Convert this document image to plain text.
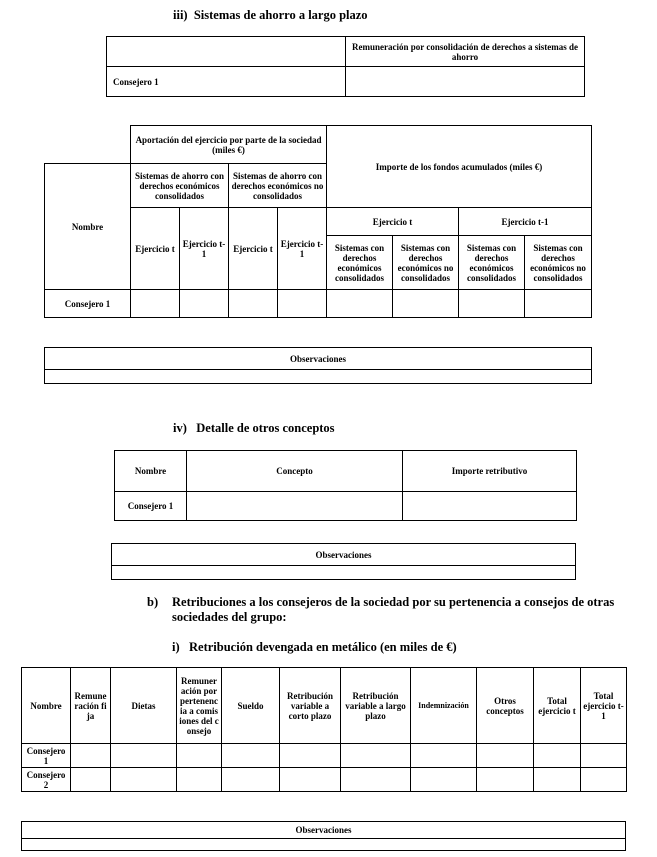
iii) Sistemas de ahorro a largo plazo
	Remuneración por consolidación de derechos a sistemas de ahorro
Consejero 1	
	Aportación del ejercicio por parte de la sociedad (miles €)				Importe de los fondos acumulados (miles €)			
Nombre	Sistemas de ahorro con derechos económicos consolidados		Sistemas de ahorro con derechos económicos no consolidados					
	Ejercicio t	Ejercicio t-1	Ejercicio t	Ejercicio t-1	Ejercicio t		Ejercicio t-1	
					Sistemas con derechos económicos consolidados	Sistemas con derechos económicos no consolidados	Sistemas con derechos económicos consolidados	Sistemas con derechos económicos no consolidados
Consejero 1								
Observaciones
iv) Detalle de otros conceptos
Nombre	Concepto	Importe retributivo
Consejero 1		
Observaciones
b) Retribuciones a los consejeros de la sociedad por su pertenencia a consejos de otras sociedades del grupo:
i) Retribución devengada en metálico (en miles de €)
Nombre	Remuneración fija	Dietas	Remuneración por pertenencia a comisiones del consejo	Sueldo	Retribución variable a corto plazo	Retribución variable a largo plazo	Indemnización	Otros conceptos	Total ejercicio t	Total ejercicio t-1
Consejero 1										
Consejero 2										
Observaciones
